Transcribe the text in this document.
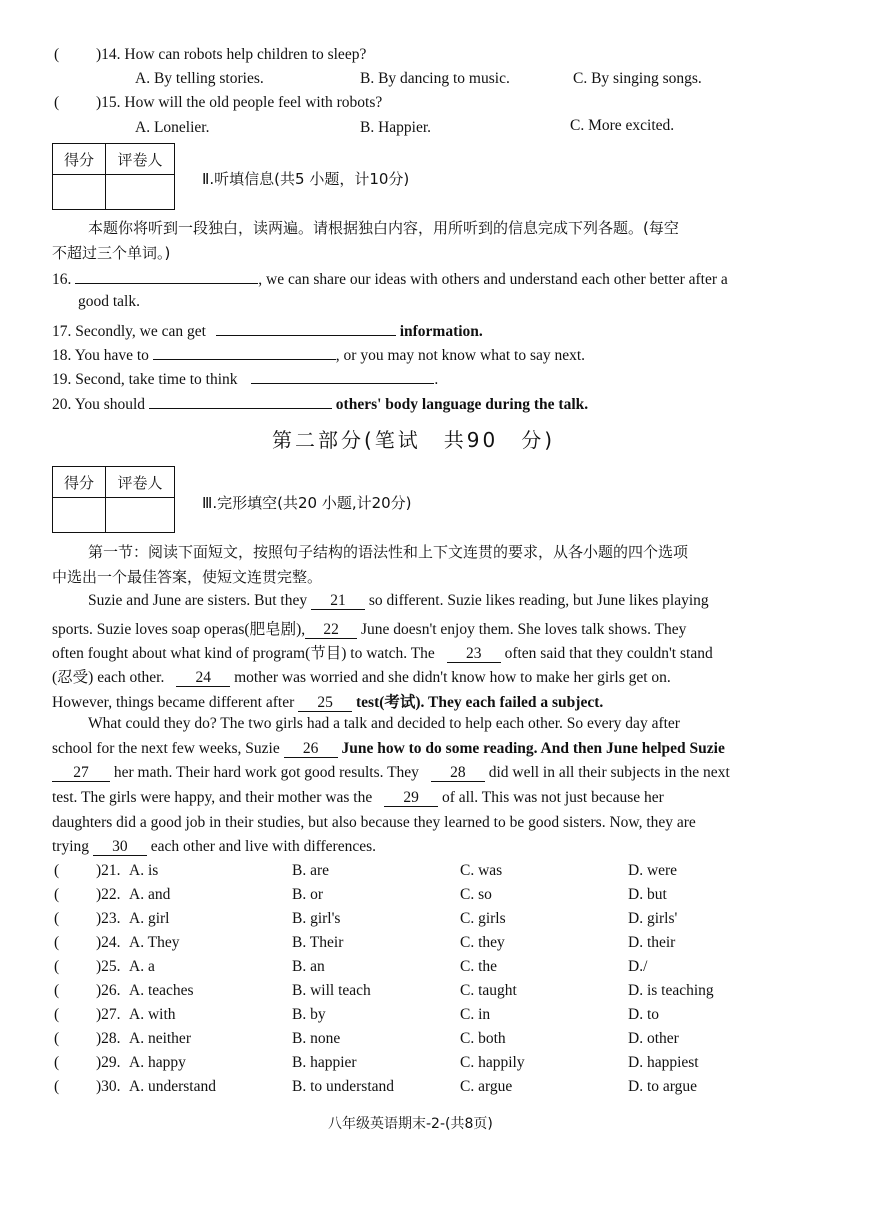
( )14. How can robots help children to sleep?
A. By telling stories.	B. By dancing to music.	C. By singing songs.
( )15. How will the old people feel with robots?
A. Lonelier.	B. Happier.	C. More excited.
得分	评卷人

Ⅱ.听填信息(共5 小题，计10分)
本题你将听到一段独白，读两遍。请根据独白内容，用所听到的信息完成下列各题。(每空
不超过三个单词。)
16.	, we can share our ideas with others and understand each other better after a
good talk.
17. Secondly, we can get	information.
18. You have to	, or you may not know what to say next.
19. Second, take time to think	.
20. You should	others' body language during the talk.
第二部分(笔试　共90　分)
得分	评卷人

Ⅲ.完形填空(共20 小题,计20分)
第一节：阅读下面短文，按照句子结构的语法性和上下文连贯的要求，从各小题的四个选项
中选出一个最佳答案，使短文连贯完整。
Suzie and June are sisters. But they 21 so different. Suzie likes reading, but June likes playing
sports. Suzie loves soap operas(肥皂剧), 22 June doesn't enjoy them. She loves talk shows. They
often fought about what kind of program(节目) to watch. The 23 often said that they couldn't stand
(忍受) each other. 24 mother was worried and she didn't know how to make her girls get on.
However, things became different after 25 test(考试). They each failed a subject.
What could they do? The two girls had a talk and decided to help each other. So every day after
school for the next few weeks, Suzie 26 June how to do some reading. And then June helped Suzie
27 her math. Their hard work got good results. They 28 did well in all their subjects in the next
test. The girls were happy, and their mother was the 29 of all. This was not just because her
daughters did a good job in their studies, but also because they learned to be good sisters. Now, they are
trying 30 each other and live with differences.
( )21. A. is	B. are	C. was	D. were
( )22. A. and	B. or	C. so	D. but
( )23. A. girl	B. girl's	C. girls	D. girls'
( )24. A. They	B. Their	C. they	D. their
( )25. A. a	B. an	C. the	D./
( )26. A. teaches	B. will teach	C. taught	D. is teaching
( )27. A. with	B. by	C. in	D. to
( )28. A. neither	B. none	C. both	D. other
( )29. A. happy	B. happier	C. happily	D. happiest
( )30. A. understand	B. to understand	C. argue	D. to argue
八年级英语期末-2-(共8页)
